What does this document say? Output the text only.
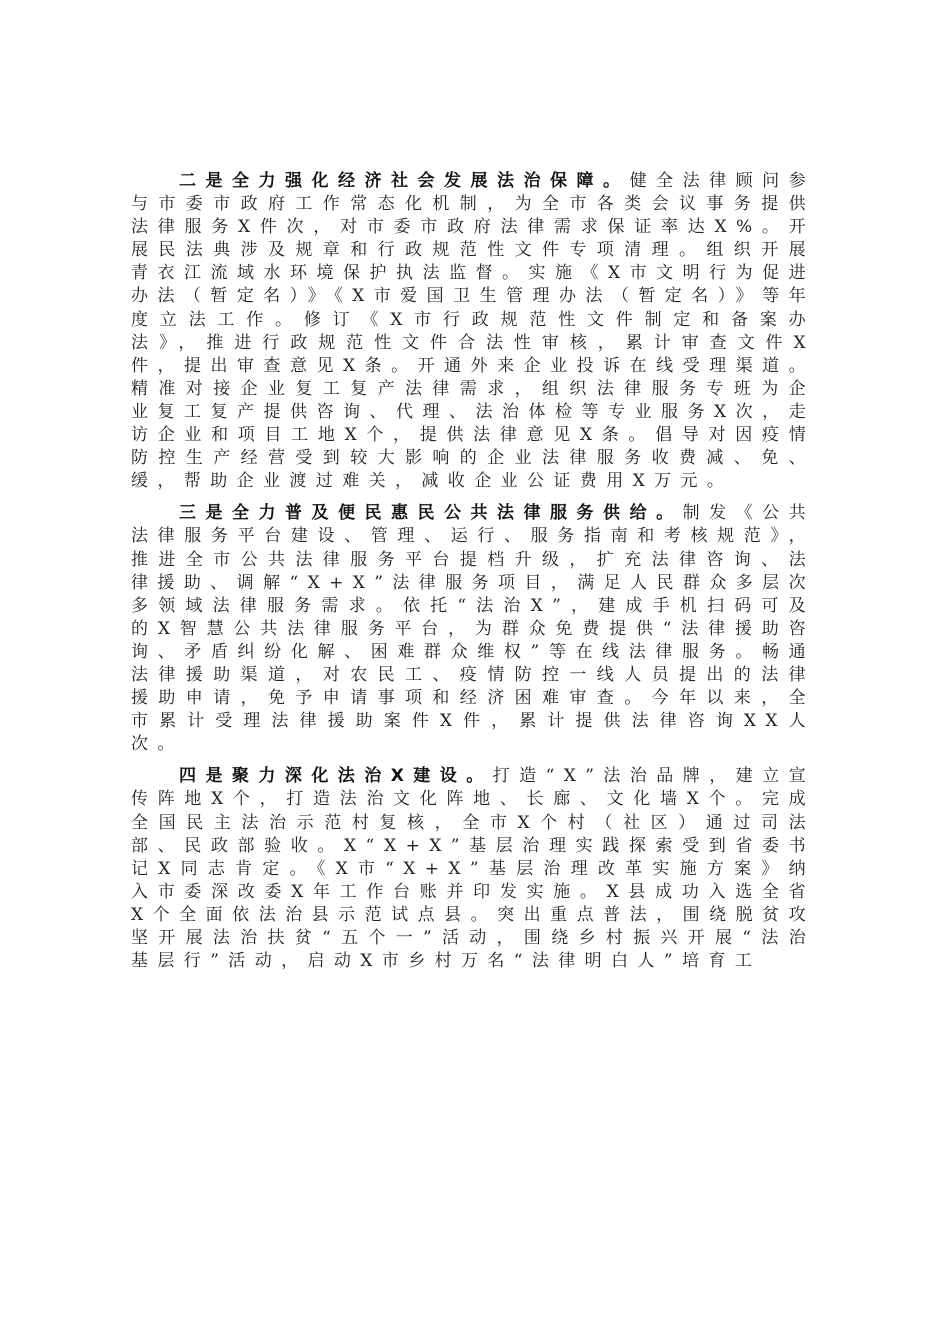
二是全力强化经济社会发展法治保障。健全法律顾问参与市委市政府工作常态化机制，为全市各类会议事务提供法律服务X件次，对市委市政府法律需求保证率达X%。开展民法典涉及规章和行政规范性文件专项清理。组织开展青衣江流域水环境保护执法监督。实施《X市文明行为促进办法（暂定名）》《X市爱国卫生管理办法（暂定名）》等年度立法工作。修订《X市行政规范性文件制定和备案办法》，推进行政规范性文件合法性审核，累计审查文件X件，提出审查意见X条。开通外来企业投诉在线受理渠道。精准对接企业复工复产法律需求，组织法律服务专班为企业复工复产提供咨询、代理、法治体检等专业服务X次，走访企业和项目工地X个，提供法律意见X条。倡导对因疫情防控生产经营受到较大影响的企业法律服务收费减、免、缓，帮助企业渡过难关，减收企业公证费用X万元。

三是全力普及便民惠民公共法律服务供给。制发《公共法律服务平台建设、管理、运行、服务指南和考核规范》，推进全市公共法律服务平台提档升级，扩充法律咨询、法律援助、调解“X+X”法律服务项目，满足人民群众多层次多领域法律服务需求。依托“法治X”，建成手机扫码可及的X智慧公共法律服务平台，为群众免费提供“法律援助咨询、矛盾纠纷化解、困难群众维权”等在线法律服务。畅通法律援助渠道，对农民工、疫情防控一线人员提出的法律援助申请，免予申请事项和经济困难审查。今年以来，全市累计受理法律援助案件X件，累计提供法律咨询XX人次。

四是聚力深化法治X建设。打造“X”法治品牌，建立宣传阵地X个，打造法治文化阵地、长廊、文化墙X个。完成全国民主法治示范村复核，全市X个村（社区）通过司法部、民政部验收。X“X+X”基层治理实践探索受到省委书记X同志肯定。《X市“X+X”基层治理改革实施方案》纳入市委深改委X年工作台账并印发实施。X县成功入选全省X个全面依法治县示范试点县。突出重点普法，围绕脱贫攻坚开展法治扶贫“五个一”活动，围绕乡村振兴开展“法治基层行”活动，启动X市乡村万名“法律明白人”培育工
